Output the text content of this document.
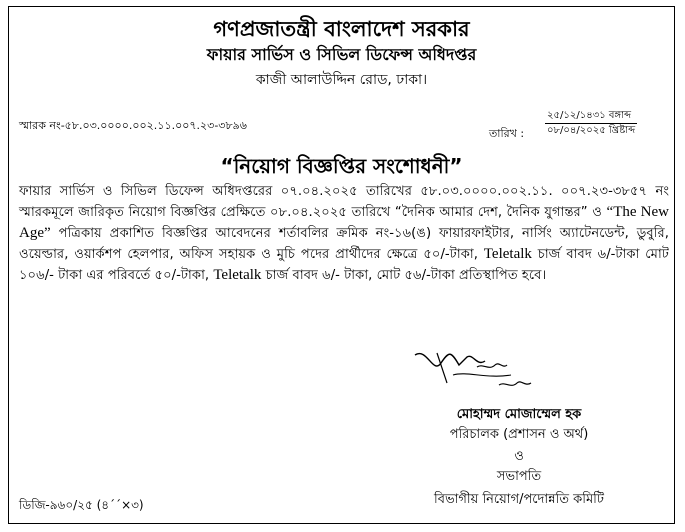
গণপ্রজাতন্ত্রী বাংলাদেশ সরকার
ফায়ার সার্ভিস ও সিভিল ডিফেন্স অধিদপ্তর
কাজী আলাউদ্দিন রোড, ঢাকা।
স্মারক নং-৫৮.০৩.০০০০.০০২.১১.০০৭.২৩-৩৮৯৬
তারিখ :
২৫/১২/১৪৩১ বঙ্গাব্দ
০৮/০৪/২০২৫ খ্রিষ্টাব্দ
“নিয়োগ বিজ্ঞপ্তির সংশোধনী”
ফায়ার সার্ভিস ও সিভিল ডিফেন্স অধিদপ্তরের ০৭.০৪.২০২৫ তারিখের ৫৮.০৩.০০০০.০০২.১১. ০০৭.২৩-৩৮৫৭ নং স্মারকমূলে জারিকৃত নিয়োগ বিজ্ঞপ্তির প্রেক্ষিতে ০৮.০৪.২০২৫ তারিখে “দৈনিক আমার দেশ, দৈনিক যুগান্তর” ও “The New Age” পত্রিকায় প্রকাশিত বিজ্ঞপ্তির আবেদনের শর্তাবলির ক্রমিক নং-১৬(ঙ) ফায়ারফাইটার, নার্সিং অ্যাটেনডেন্ট, ডুবুরি, ওয়েল্ডার, ওয়ার্কশপ হেলপার, অফিস সহায়ক ও মুচি পদের প্রার্থীদের ক্ষেত্রে ৫০/-টাকা, Teletalk চার্জ বাবদ ৬/-টাকা মোট ১০৬/- টাকা এর পরিবর্তে ৫০/-টাকা, Teletalk চার্জ বাবদ ৬/- টাকা, মোট ৫৬/-টাকা প্রতিস্থাপিত হবে।
মোহাম্মদ মোজাম্মেল হক
পরিচালক (প্রশাসন ও অর্থ)
ও
সভাপতি
বিভাগীয় নিয়োগ/পদোন্নতি কমিটি
ডিজি-৯৬০/২৫ (৪´´×৩)
